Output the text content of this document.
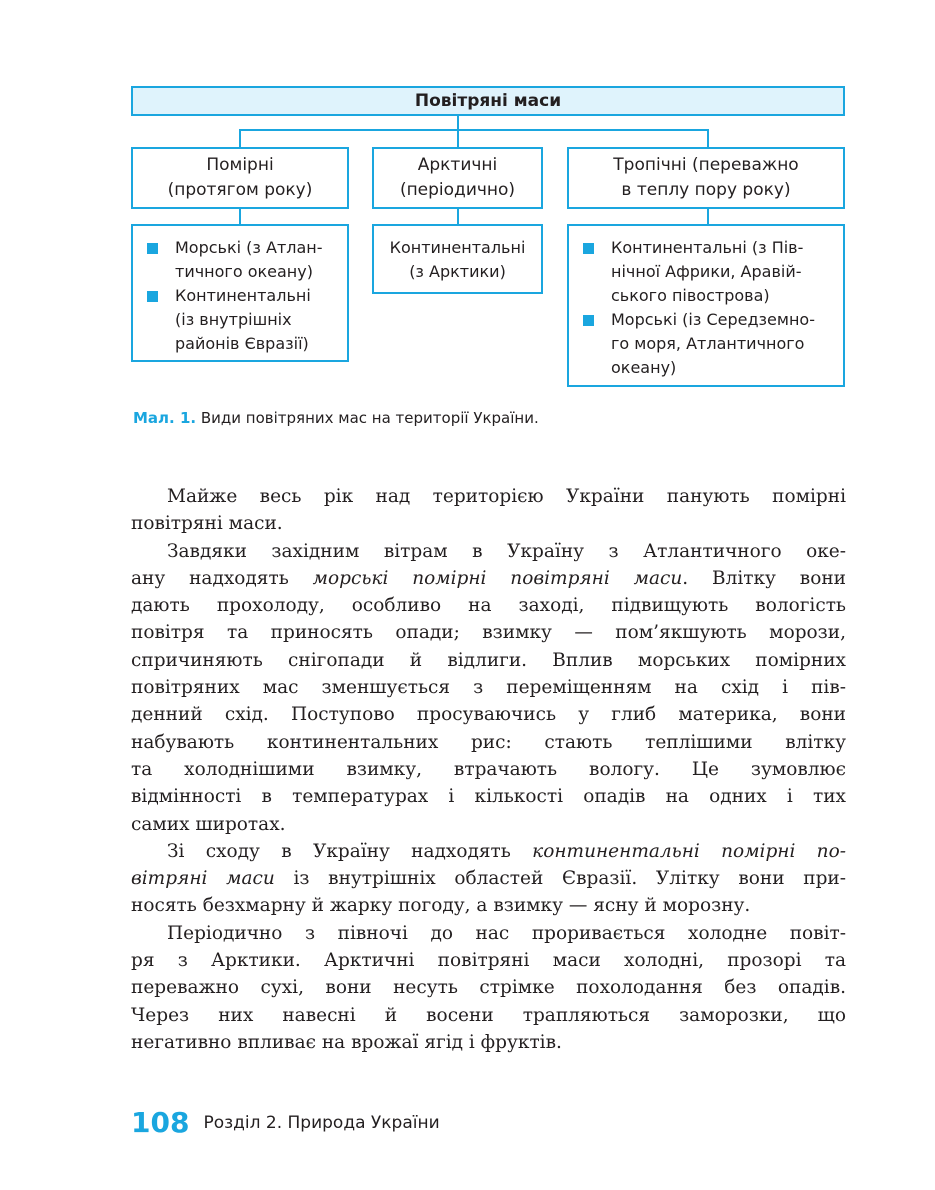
Повітряні маси
Помірні
(протягом року)
Арктичні
(періодично)
Тропічні (переважно
в теплу пору року)
Морські (з Атлан-
тичного океану)
Континентальні
(із внутрішніх
районів Євразії)
Континентальні
(з Арктики)
Континентальні (з Пів-
нічної Африки, Аравій-
ського півострова)
Морські (із Середземно-
го моря, Атлантичного
океану)
Мал. 1. Види повітряних мас на території України.
Майже весь рік над територією України панують помірні
повітряні маси.
Завдяки західним вітрам в Україну з Атлантичного оке-
ану надходять морські помірні повітряні маси. Влітку вони
дають прохолоду, особливо на заході, підвищують вологість
повітря та приносять опади; взимку — пом’якшують морози,
спричиняють снігопади й відлиги. Вплив морських помірних
повітряних мас зменшується з переміщенням на схід і пів-
денний схід. Поступово просуваючись у глиб материка, вони
набувають континентальних рис: стають теплішими влітку
та холоднішими взимку, втрачають вологу. Це зумовлює
відмінності в температурах і кількості опадів на одних і тих
самих широтах.
Зі сходу в Україну надходять континентальні помірні по-
вітряні маси із внутрішніх областей Євразії. Улітку вони при-
носять безхмарну й жарку погоду, а взимку — ясну й морозну.
Періодично з півночі до нас проривається холодне повіт-
ря з Арктики. Арктичні повітряні маси холодні, прозорі та
переважно сухі, вони несуть стрімке похолодання без опадів.
Через них навесні й восени трапляються заморозки, що
негативно впливає на врожаї ягід і фруктів.
108 Розділ 2. Природа України
